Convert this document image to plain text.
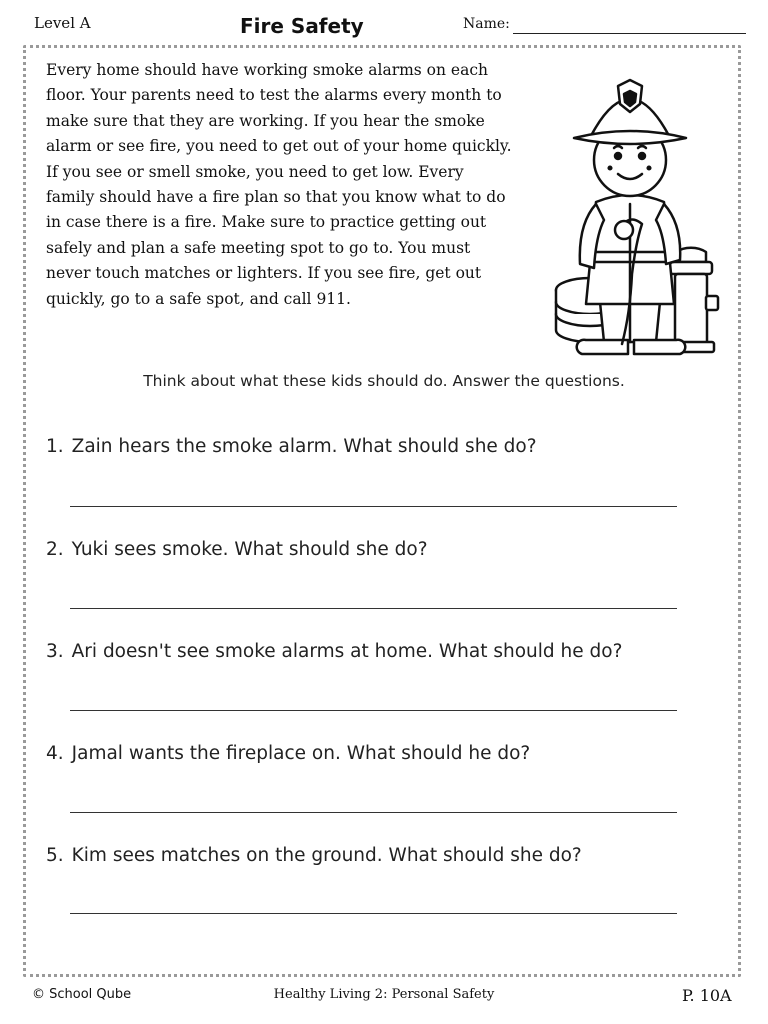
Level A	Fire Safety	Name:
Every home should have working smoke alarms on each floor. Your parents need to test the alarms every month to make sure that they are working. If you hear the smoke alarm or see fire, you need to get out of your home quickly. If you see or smell smoke, you need to get low. Every family should have a fire plan so that you know what to do in case there is a fire. Make sure to practice getting out safely and plan a safe meeting spot to go to. You must never touch matches or lighters. If you see fire, get out quickly, go to a safe spot, and call 911.
Think about what these kids should do. Answer the questions.
1. Zain hears the smoke alarm. What should she do?
2. Yuki sees smoke. What should she do?
3. Ari doesn't see smoke alarms at home. What should he do?
4. Jamal wants the fireplace on. What should he do?
5. Kim sees matches on the ground. What should she do?
© School Qube	Healthy Living 2: Personal Safety	P. 10A
